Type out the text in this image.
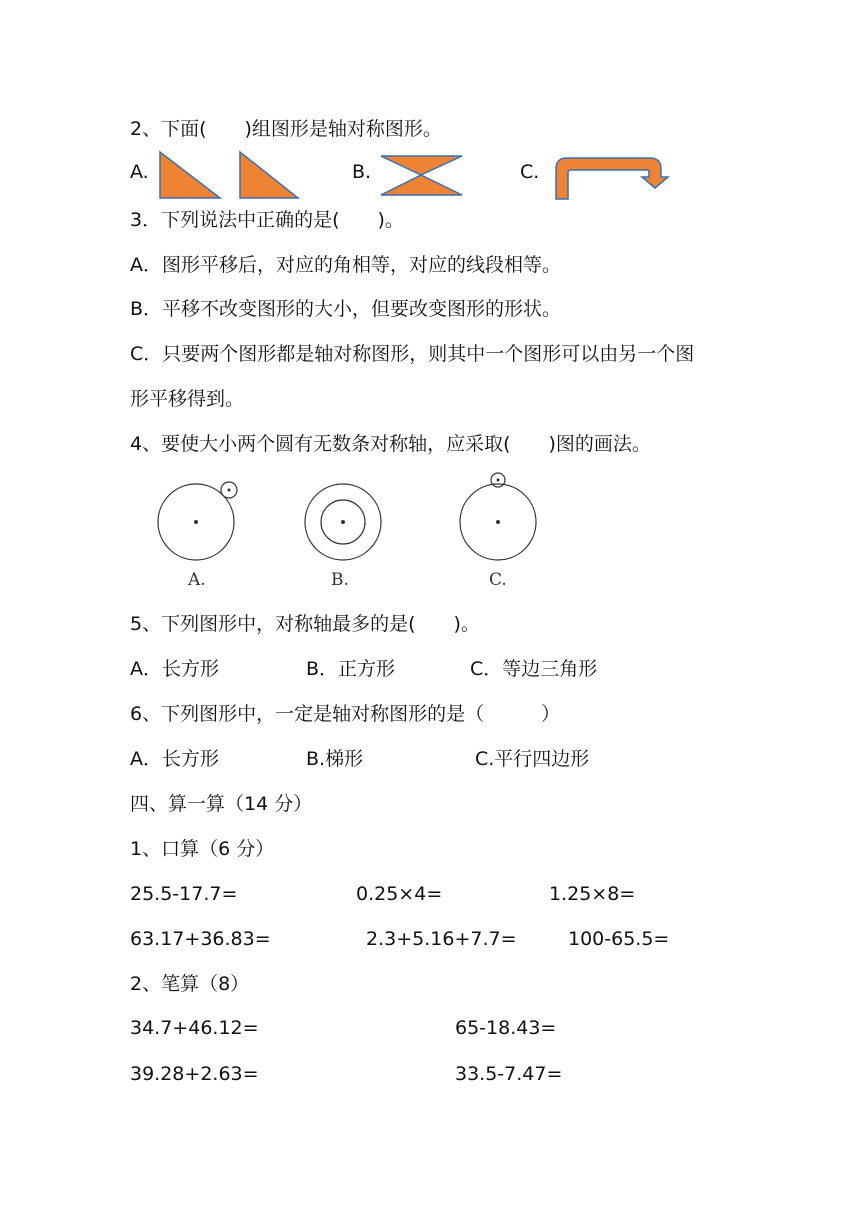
2、下面(　　)组图形是轴对称图形。
A.	B.	C.
3．下列说法中正确的是(　　)。
A．图形平移后，对应的角相等，对应的线段相等。
B．平移不改变图形的大小，但要改变图形的形状。
C．只要两个图形都是轴对称图形，则其中一个图形可以由另一个图
形平移得到。
4、要使大小两个圆有无数条对称轴，应采取(　　)图的画法。
A.	B.	C.
5、下列图形中，对称轴最多的是(　　)。
A．长方形	B．正方形	C．等边三角形
6、下列图形中，一定是轴对称图形的是（　　　）
A．长方形	B.梯形	C.平行四边形
四、算一算（14 分）
1、口算（6 分）
25.5-17.7=	0.25×4=	1.25×8=
63.17+36.83=	2.3+5.16+7.7=	100-65.5=
2、笔算（8）
34.7+46.12=	65-18.43=
39.28+2.63=	33.5-7.47=
